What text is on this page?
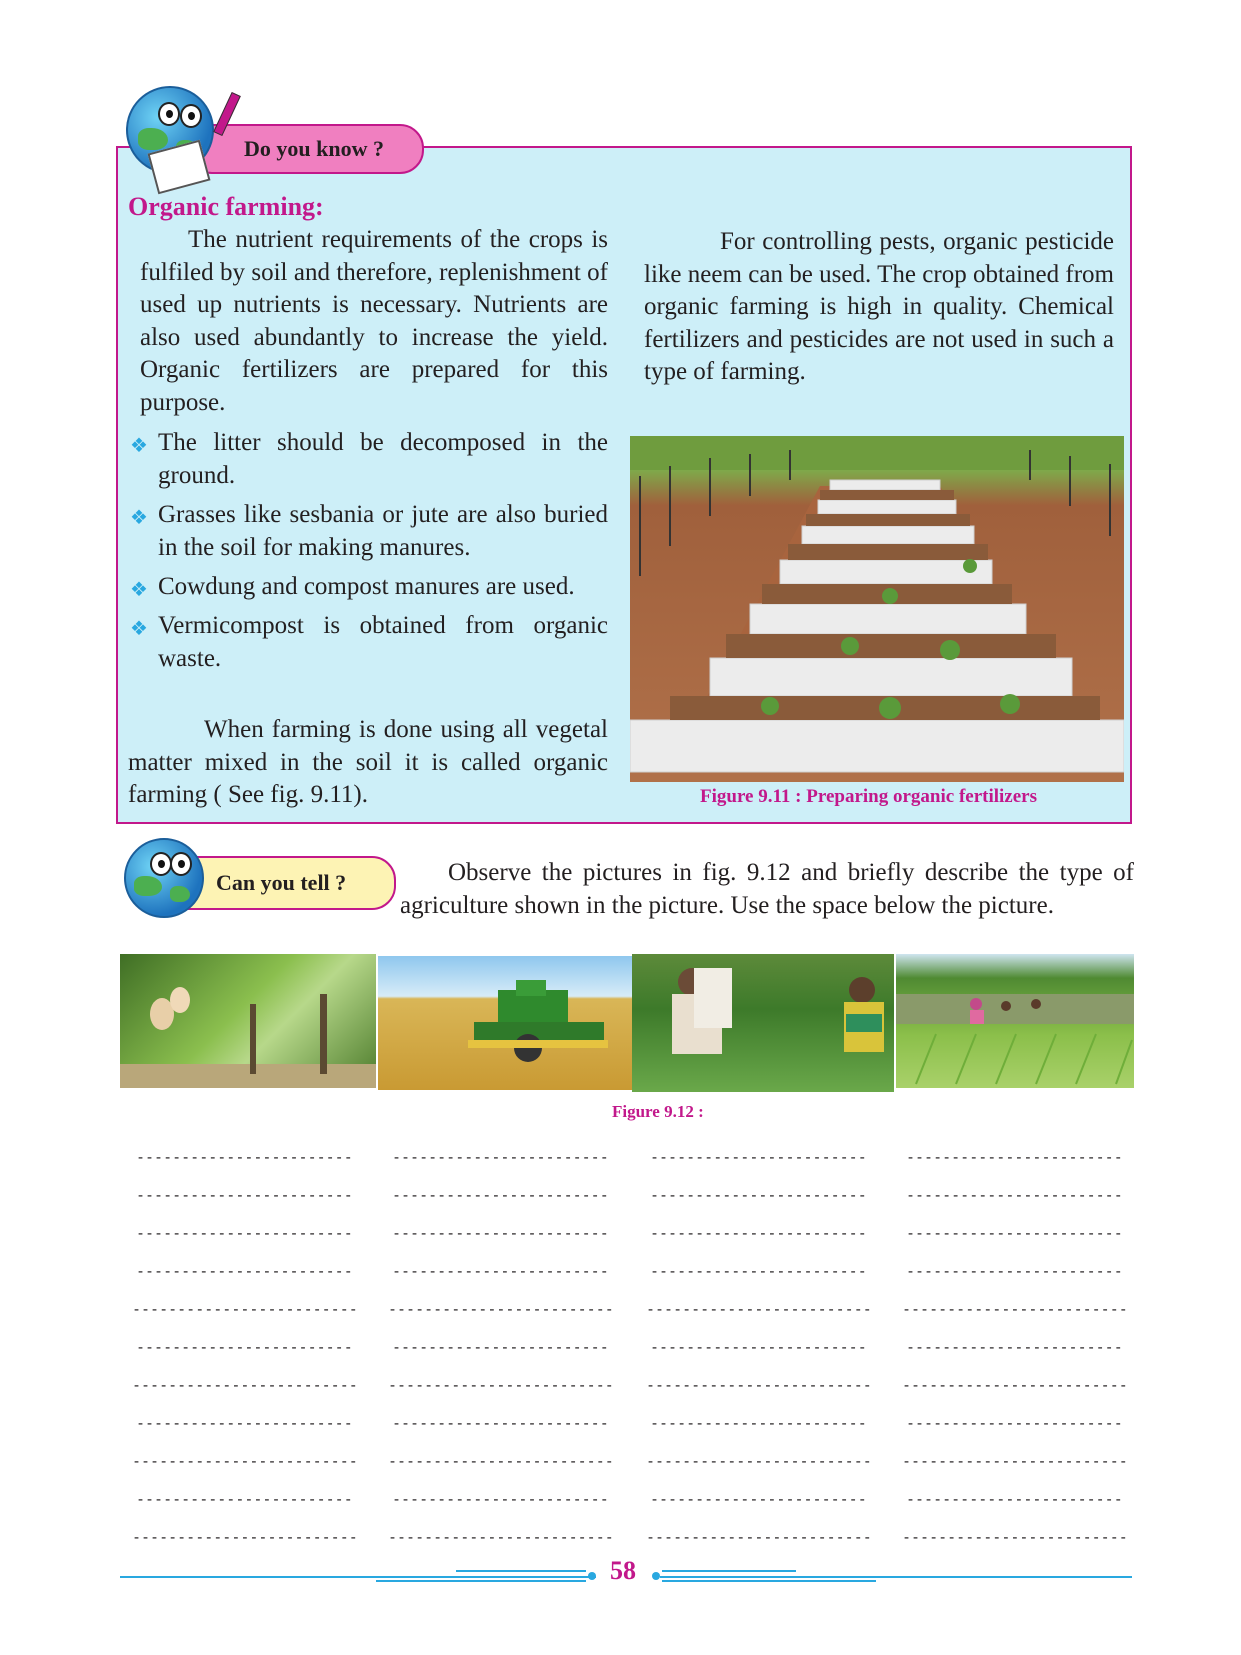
Do you know ?
Organic farming:
The nutrient requirements of the crops is fulfiled by soil and therefore, replenishment of used up nutrients is necessary. Nutrients are also used abundantly to increase the yield. Organic fertilizers are prepared for this purpose.
❖ The litter should be decomposed in the ground.
❖ Grasses like sesbania or jute are also buried in the soil for making manures.
❖ Cowdung and compost manures are used.
❖ Vermicompost is obtained from organic waste.
When farming is done using all vegetal matter mixed in the soil it is called organic farming ( See fig. 9.11).
For controlling pests, organic pesticide like neem can be used. The crop obtained from organic farming is high in quality. Chemical fertilizers and pesticides are not used in such a type of farming.
Figure 9.11 : Preparing organic fertilizers
Can you tell ?	Observe the pictures in fig. 9.12 and briefly describe the type of agriculture shown in the picture. Use the space below the picture.
Figure 9.12 :
------------------------	------------------------	------------------------	------------------------
------------------------	------------------------	------------------------	------------------------
------------------------	------------------------	------------------------	------------------------
------------------------	------------------------	------------------------	------------------------
------------------------- ------------------------- ------------------------- -------------------------
------------------------	------------------------	------------------------	------------------------
------------------------- ------------------------- ------------------------- -------------------------
------------------------	------------------------	------------------------	------------------------
------------------------- ------------------------- ------------------------- -------------------------
------------------------	------------------------	------------------------	------------------------
------------------------- ------------------------- ------------------------- -------------------------
58
